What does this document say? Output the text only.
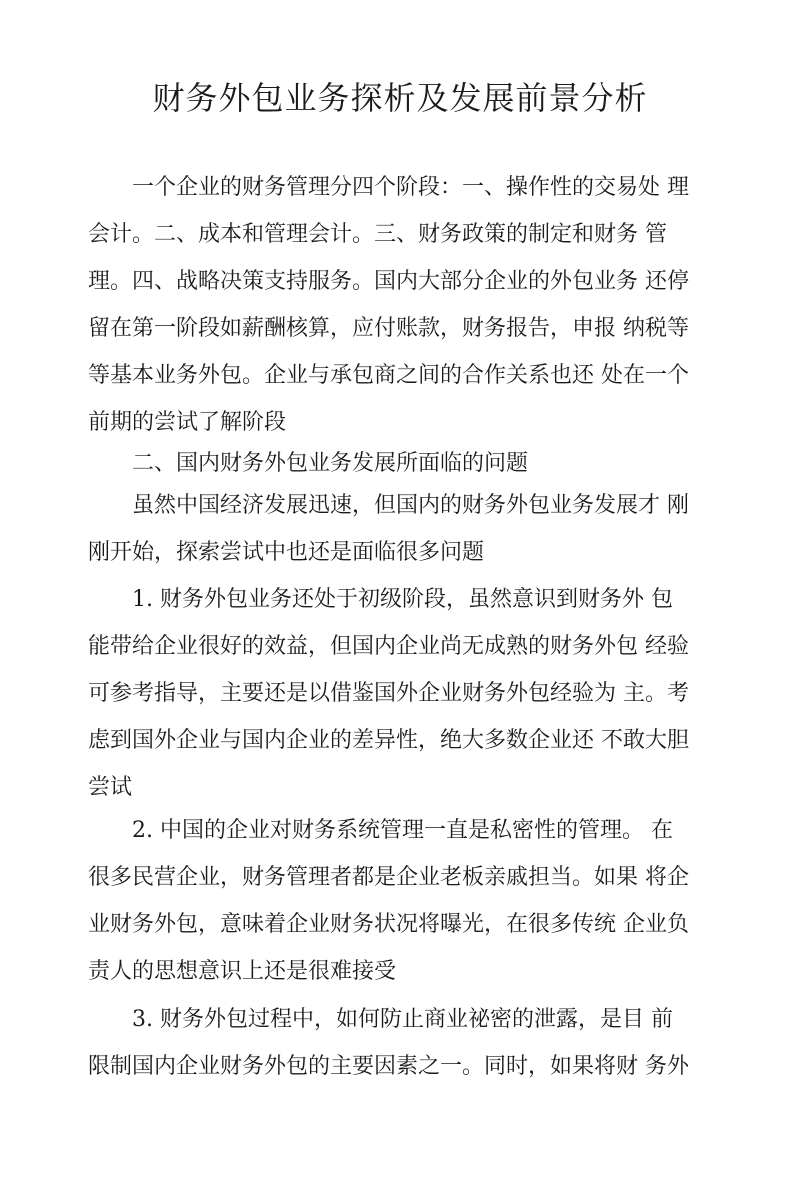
财务外包业务探析及发展前景分析

　　一个企业的财务管理分四个阶段：一、操作性的交易处 理

会计。二、成本和管理会计。三、财务政策的制定和财务 管

理。四、战略决策支持服务。国内大部分企业的外包业务 还停

留在第一阶段如薪酬核算，应付账款，财务报告，申报 纳税等

等基本业务外包。企业与承包商之间的合作关系也还 处在一个

前期的尝试了解阶段

　　二、国内财务外包业务发展所面临的问题

　　虽然中国经济发展迅速，但国内的财务外包业务发展才 刚

刚开始，探索尝试中也还是面临很多问题

　　1. 财务外包业务还处于初级阶段，虽然意识到财务外 包

能带给企业很好的效益，但国内企业尚无成熟的财务外包 经验

可参考指导，主要还是以借鉴国外企业财务外包经验为 主。考

虑到国外企业与国内企业的差异性，绝大多数企业还 不敢大胆

尝试

　　2. 中国的企业对财务系统管理一直是私密性的管理。 在

很多民营企业，财务管理者都是企业老板亲戚担当。如果 将企

业财务外包，意味着企业财务状况将曝光，在很多传统 企业负

责人的思想意识上还是很难接受

　　3. 财务外包过程中，如何防止商业祕密的泄露，是目 前

限制国内企业财务外包的主要因素之一。同时，如果将财 务外
